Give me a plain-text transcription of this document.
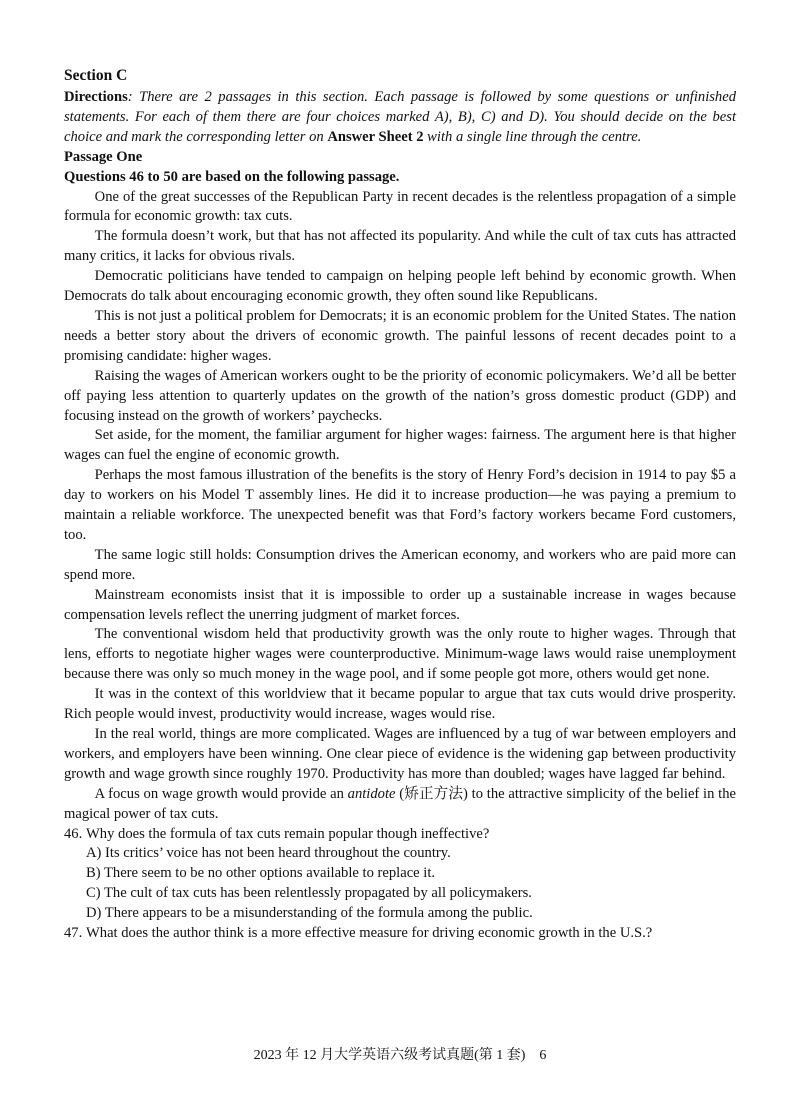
Section C
Directions: There are 2 passages in this section. Each passage is followed by some questions or unfinished statements. For each of them there are four choices marked A), B), C) and D). You should decide on the best choice and mark the corresponding letter on Answer Sheet 2 with a single line through the centre.
Passage One
Questions 46 to 50 are based on the following passage.

One of the great successes of the Republican Party in recent decades is the relentless propagation of a simple formula for economic growth: tax cuts.

The formula doesn’t work, but that has not affected its popularity. And while the cult of tax cuts has attracted many critics, it lacks for obvious rivals.

Democratic politicians have tended to campaign on helping people left behind by economic growth. When Democrats do talk about encouraging economic growth, they often sound like Republicans.

This is not just a political problem for Democrats; it is an economic problem for the United States. The nation needs a better story about the drivers of economic growth. The painful lessons of recent decades point to a promising candidate: higher wages.

Raising the wages of American workers ought to be the priority of economic policymakers. We’d all be better off paying less attention to quarterly updates on the growth of the nation’s gross domestic product (GDP) and focusing instead on the growth of workers’ paychecks.

Set aside, for the moment, the familiar argument for higher wages: fairness. The argument here is that higher wages can fuel the engine of economic growth.

Perhaps the most famous illustration of the benefits is the story of Henry Ford’s decision in 1914 to pay $5 a day to workers on his Model T assembly lines. He did it to increase production—he was paying a premium to maintain a reliable workforce. The unexpected benefit was that Ford’s factory workers became Ford customers, too.

The same logic still holds: Consumption drives the American economy, and workers who are paid more can spend more.

Mainstream economists insist that it is impossible to order up a sustainable increase in wages because compensation levels reflect the unerring judgment of market forces.

The conventional wisdom held that productivity growth was the only route to higher wages. Through that lens, efforts to negotiate higher wages were counterproductive. Minimum-wage laws would raise unemployment because there was only so much money in the wage pool, and if some people got more, others would get none.

It was in the context of this worldview that it became popular to argue that tax cuts would drive prosperity. Rich people would invest, productivity would increase, wages would rise.

In the real world, things are more complicated. Wages are influenced by a tug of war between employers and workers, and employers have been winning. One clear piece of evidence is the widening gap between productivity growth and wage growth since roughly 1970. Productivity has more than doubled; wages have lagged far behind.

A focus on wage growth would provide an antidote (矫正方法) to the attractive simplicity of the belief in the magical power of tax cuts.

46. Why does the formula of tax cuts remain popular though ineffective?
A) Its critics’ voice has not been heard throughout the country.
B) There seem to be no other options available to replace it.
C) The cult of tax cuts has been relentlessly propagated by all policymakers.
D) There appears to be a misunderstanding of the formula among the public.
47. What does the author think is a more effective measure for driving economic growth in the U.S.?
2023 年 12 月大学英语六级考试真题(第 1 套)　6
